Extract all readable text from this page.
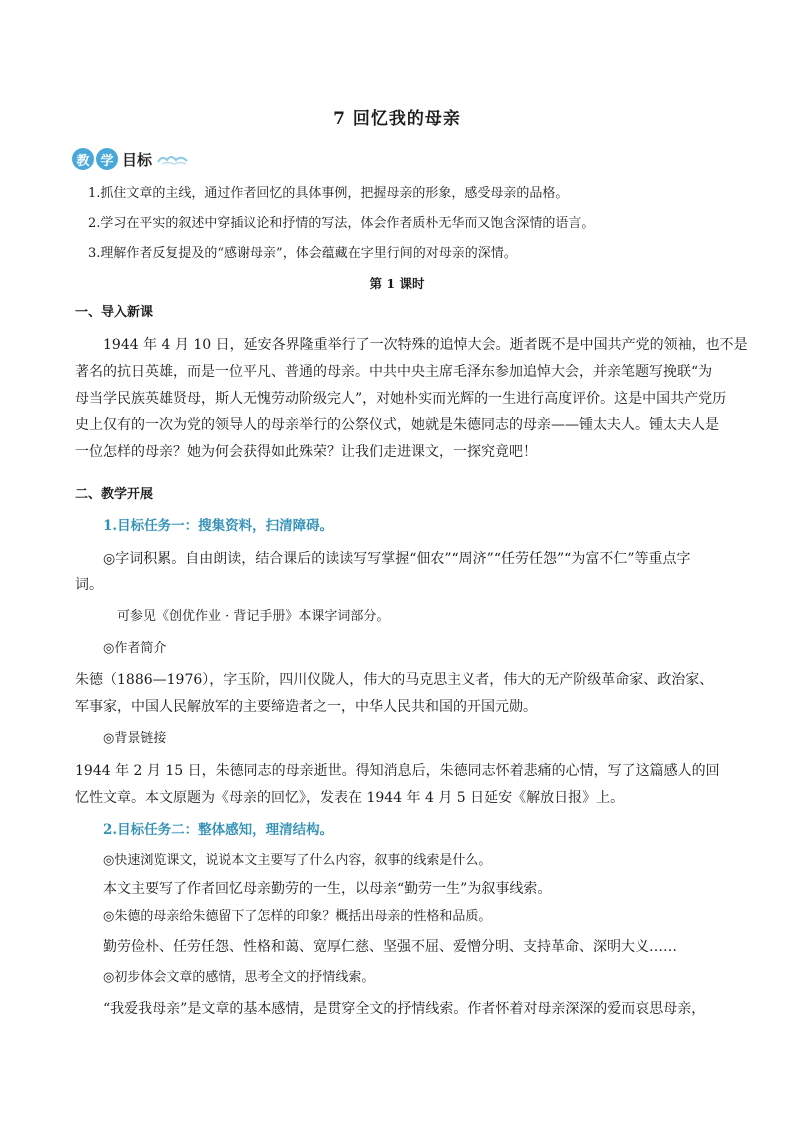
7 回忆我的母亲
教 学 目标
1.抓住文章的主线，通过作者回忆的具体事例，把握母亲的形象，感受母亲的品格。
2.学习在平实的叙述中穿插议论和抒情的写法，体会作者质朴无华而又饱含深情的语言。
3.理解作者反复提及的“感谢母亲”，体会蕴藏在字里行间的对母亲的深情。
第 1 课时
一、导入新课
1944 年 4 月 10 日，延安各界隆重举行了一次特殊的追悼大会。逝者既不是中国共产党的领袖，也不是
著名的抗日英雄，而是一位平凡、普通的母亲。中共中央主席毛泽东参加追悼大会，并亲笔题写挽联“为
母当学民族英雄贤母，斯人无愧劳动阶级完人”，对她朴实而光辉的一生进行高度评价。这是中国共产党历
史上仅有的一次为党的领导人的母亲举行的公祭仪式，她就是朱德同志的母亲——锺太夫人。锺太夫人是
一位怎样的母亲？她为何会获得如此殊荣？让我们走进课文，一探究竟吧！
二、教学开展
1.目标任务一：搜集资料，扫清障碍。
◎字词积累。自由朗读，结合课后的读读写写掌握“佃农”“周济”“任劳任怨”“为富不仁”等重点字
词。
可参见《创优作业 · 背记手册》本课字词部分。
◎作者简介
朱德（1886—1976），字玉阶，四川仪陇人，伟大的马克思主义者，伟大的无产阶级革命家、政治家、
军事家，中国人民解放军的主要缔造者之一，中华人民共和国的开国元勋。
◎背景链接
1944 年 2 月 15 日，朱德同志的母亲逝世。得知消息后，朱德同志怀着悲痛的心情，写了这篇感人的回
忆性文章。本文原题为《母亲的回忆》，发表在 1944 年 4 月 5 日延安《解放日报》上。
2.目标任务二：整体感知，理清结构。
◎快速浏览课文，说说本文主要写了什么内容，叙事的线索是什么。
本文主要写了作者回忆母亲勤劳的一生，以母亲“勤劳一生”为叙事线索。
◎朱德的母亲给朱德留下了怎样的印象？概括出母亲的性格和品质。
勤劳俭朴、任劳任怨、性格和蔼、宽厚仁慈、坚强不屈、爱憎分明、支持革命、深明大义……
◎初步体会文章的感情，思考全文的抒情线索。
“我爱我母亲”是文章的基本感情，是贯穿全文的抒情线索。作者怀着对母亲深深的爱而哀思母亲，
